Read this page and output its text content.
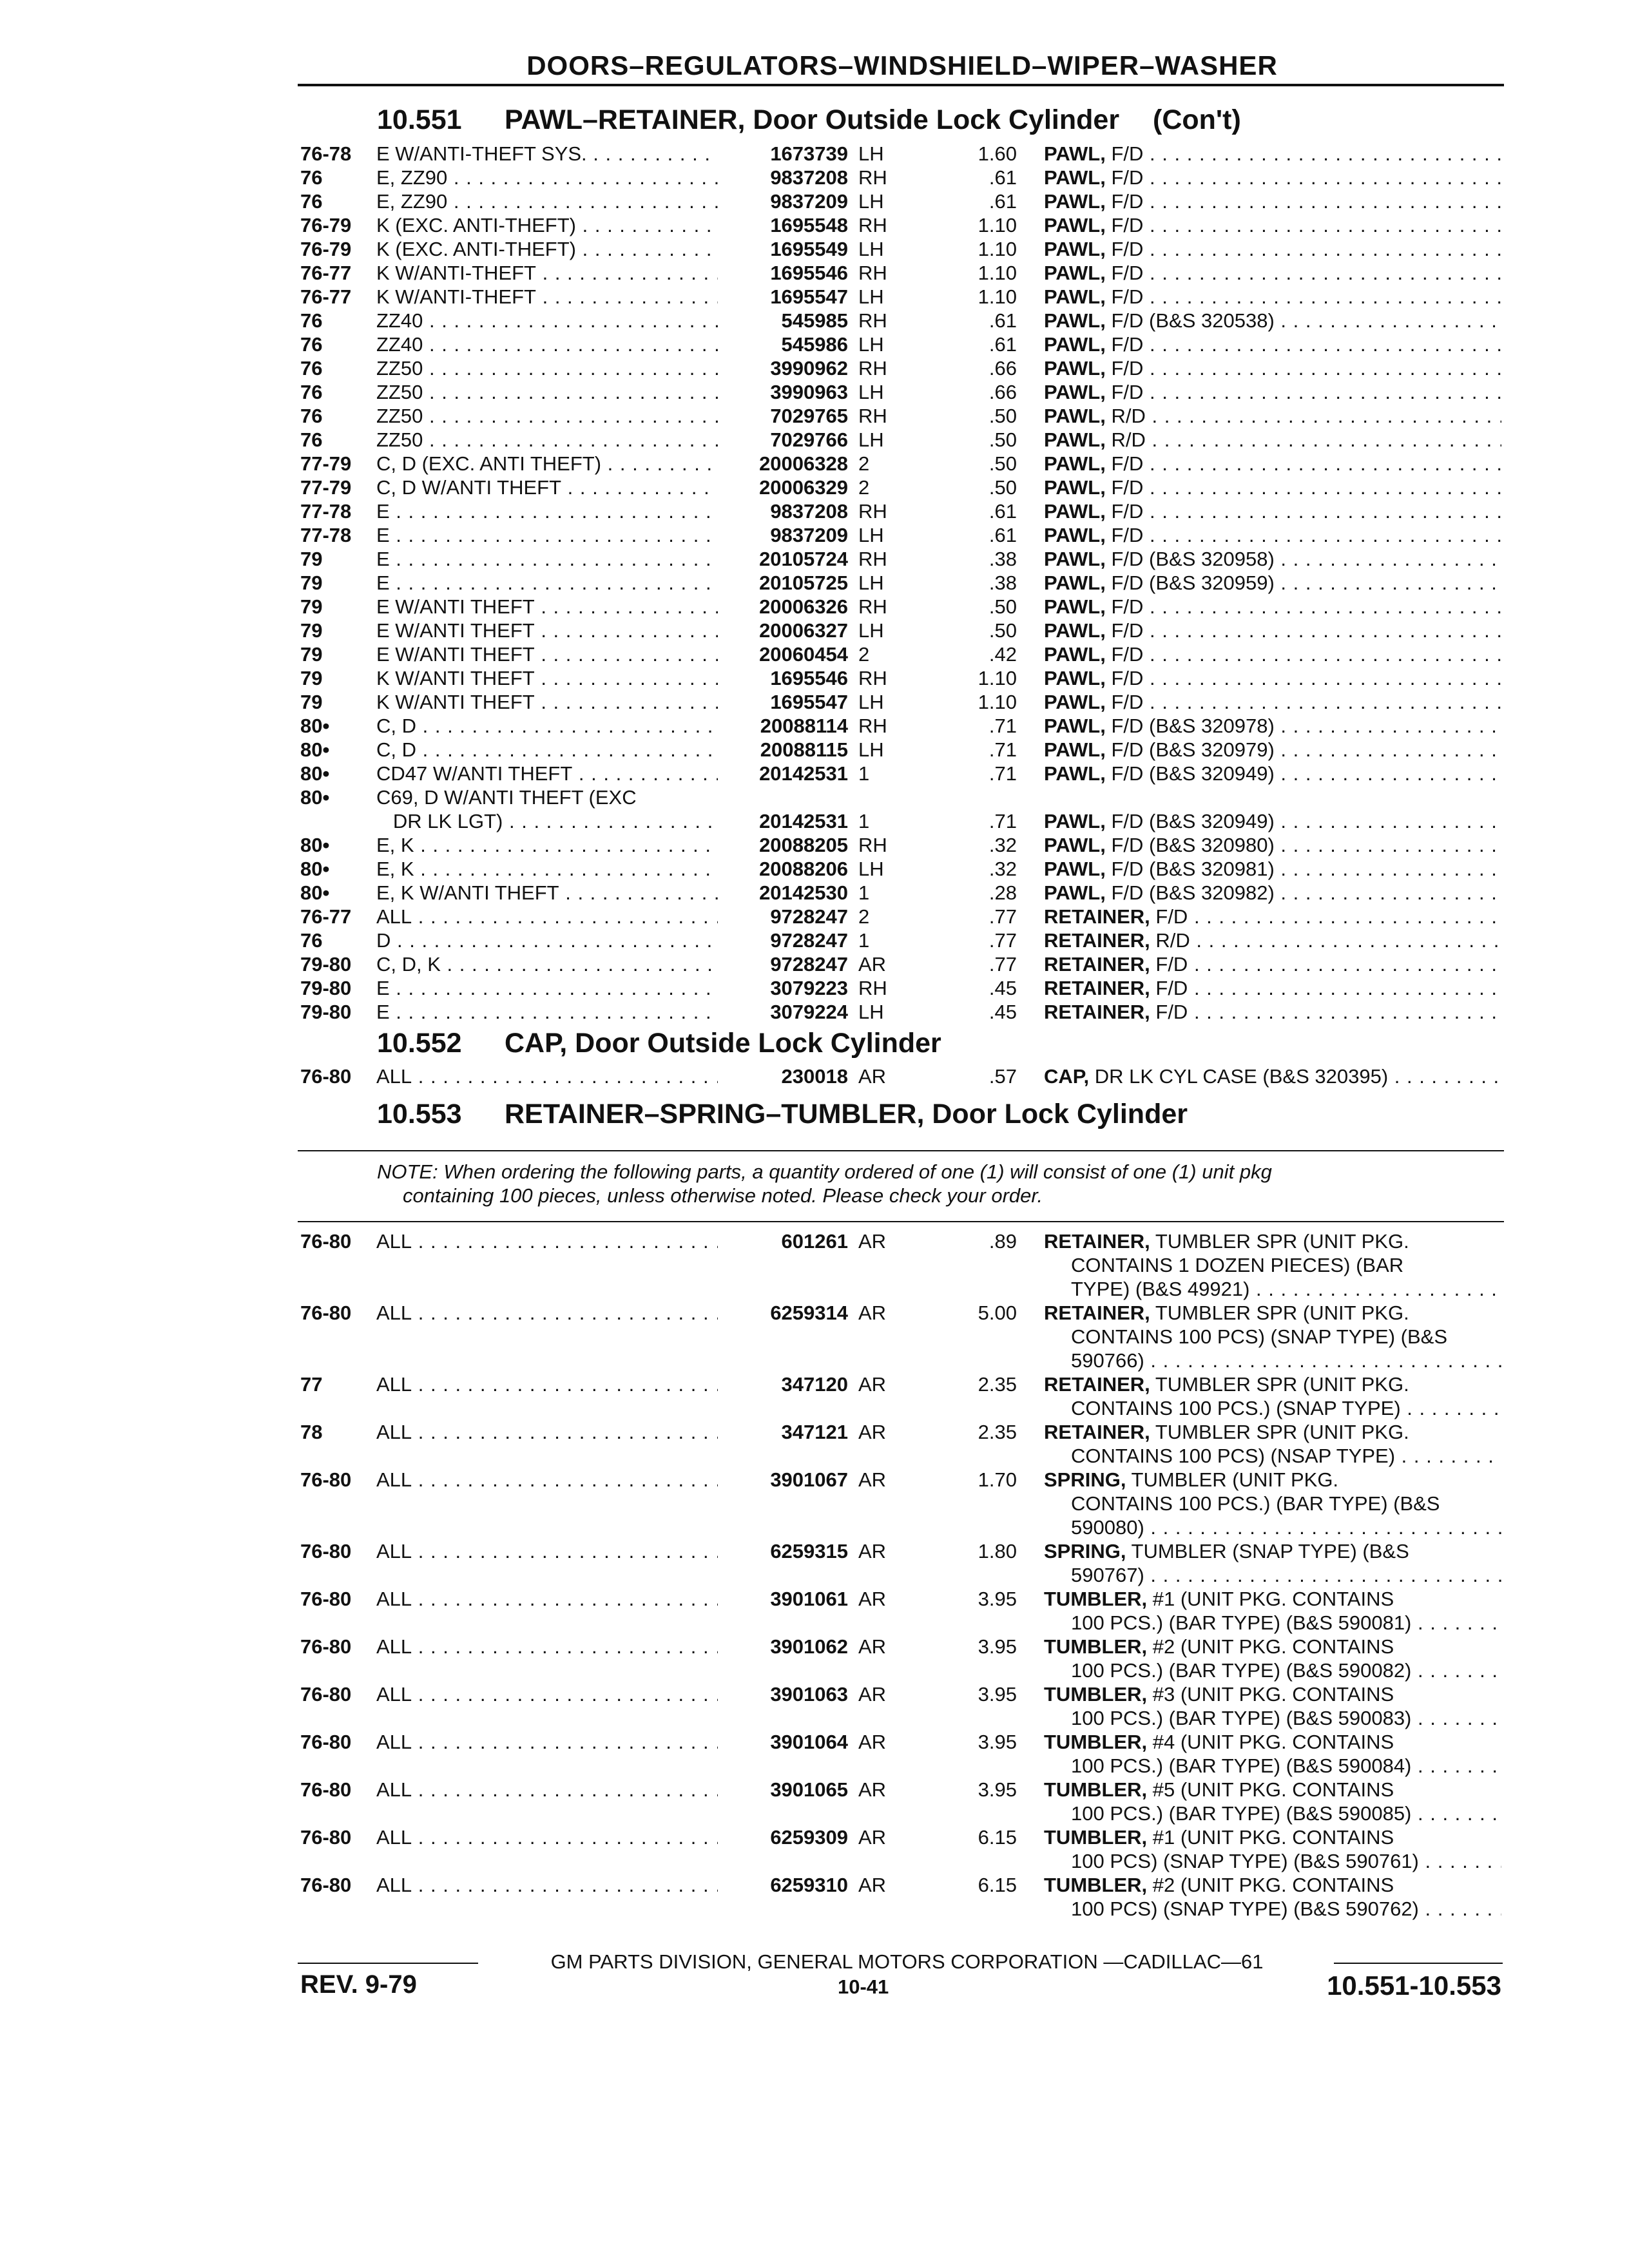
DOORS–REGULATORS–WINDSHIELD–WIPER–WASHER
10.551 PAWL–RETAINER, Door Outside Lock Cylinder (Con't)
76-78 E W/ANTI-THEFT SYS. . . .	1673739 LH	1.60 PAWL, F/D . . .
76	E, ZZ90 . . .	9837208 RH	.61 PAWL, F/D . . .
76	E, ZZ90 . . .	9837209 LH	.61 PAWL, F/D . . .
76-79 K (EXC. ANTI-THEFT) . . .	1695548 RH	1.10 PAWL, F/D . . .
76-79 K (EXC. ANTI-THEFT) . . .	1695549 LH	1.10 PAWL, F/D . . .
76-77 K W/ANTI-THEFT . . .	1695546 RH	1.10 PAWL, F/D . . .
76-77 K W/ANTI-THEFT . . .	1695547 LH	1.10 PAWL, F/D . . .
76	ZZ40 . . .	545985 RH	.61 PAWL, F/D (B&S 320538) . . .
76	ZZ40 . . .	545986 LH	.61 PAWL, F/D . . .
76	ZZ50 . . .	3990962 RH	.66 PAWL, F/D . . .
76	ZZ50 . . .	3990963 LH	.66 PAWL, F/D . . .
76	ZZ50 . . .	7029765 RH	.50 PAWL, R/D . . .
76	ZZ50 . . .	7029766 LH	.50 PAWL, R/D . . .
77-79 C, D (EXC. ANTI THEFT) . . .	20006328 2	.50 PAWL, F/D . . .
77-79 C, D W/ANTI THEFT . . .	20006329 2	.50 PAWL, F/D . . .
77-78 E . . .	9837208 RH	.61 PAWL, F/D . . .
77-78 E . . .	9837209 LH	.61 PAWL, F/D . . .
79	E . . .	20105724 RH	.38 PAWL, F/D (B&S 320958) . . .
79	E . . .	20105725 LH	.38 PAWL, F/D (B&S 320959) . . .
79	E W/ANTI THEFT . . .	20006326 RH	.50 PAWL, F/D . . .
79	E W/ANTI THEFT . . .	20006327 LH	.50 PAWL, F/D . . .
79	E W/ANTI THEFT . . .	20060454 2	.42 PAWL, F/D . . .
79	K W/ANTI THEFT . . .	1695546 RH	1.10 PAWL, F/D . . .
79	K W/ANTI THEFT . . .	1695547 LH	1.10 PAWL, F/D . . .
80• C, D . . .	20088114 RH	.71 PAWL, F/D (B&S 320978) . . .
80• C, D . . .	20088115 LH	.71 PAWL, F/D (B&S 320979) . . .
80• CD47 W/ANTI THEFT . . .	20142531 1	.71 PAWL, F/D (B&S 320949) . . .
80• C69, D W/ANTI THEFT (EXC
DR LK LGT) . . .	20142531 1	.71 PAWL, F/D (B&S 320949) . . .
80• E, K . . .	20088205 RH	.32 PAWL, F/D (B&S 320980) . . .
80• E, K . . .	20088206 LH	.32 PAWL, F/D (B&S 320981) . . .
80• E, K W/ANTI THEFT . . .	20142530 1	.28 PAWL, F/D (B&S 320982) . . .
76-77 ALL . . .	9728247 2	.77 RETAINER, F/D . . .
76	D . . .	9728247 1	.77 RETAINER, R/D . . .
79-80 C, D, K . . .	9728247 AR	.77 RETAINER, F/D . . .
79-80 E . . .	3079223 RH	.45 RETAINER, F/D . . .
79-80 E . . .	3079224 LH	.45 RETAINER, F/D . . .
10.552 CAP, Door Outside Lock Cylinder
76-80 ALL . . .	230018 AR	.57 CAP, DR LK CYL CASE (B&S 320395) . . .
10.553 RETAINER–SPRING–TUMBLER, Door Lock Cylinder
NOTE: When ordering the following parts, a quantity ordered of one (1) will consist of one (1) unit pkg
containing 100 pieces, unless otherwise noted. Please check your order.
76-80 ALL . . .	601261 AR	.89 RETAINER, TUMBLER SPR (UNIT PKG.
CONTAINS 1 DOZEN PIECES) (BAR
TYPE) (B&S 49921) . . .
76-80 ALL . . .	6259314 AR	5.00 RETAINER, TUMBLER SPR (UNIT PKG.
CONTAINS 100 PCS) (SNAP TYPE) (B&S
590766) . . .
77	ALL . . .	347120 AR	2.35 RETAINER, TUMBLER SPR (UNIT PKG.
CONTAINS 100 PCS.) (SNAP TYPE) . . .
78	ALL . . .	347121 AR	2.35 RETAINER, TUMBLER SPR (UNIT PKG.
CONTAINS 100 PCS) (NSAP TYPE) . . .
76-80 ALL . . .	3901067 AR	1.70 SPRING, TUMBLER (UNIT PKG.
CONTAINS 100 PCS.) (BAR TYPE) (B&S
590080) . . .
76-80 ALL . . .	6259315 AR	1.80 SPRING, TUMBLER (SNAP TYPE) (B&S
590767) . . .
76-80 ALL . . .	3901061 AR	3.95 TUMBLER, #1 (UNIT PKG. CONTAINS
100 PCS.) (BAR TYPE) (B&S 590081) . . .
76-80 ALL . . .	3901062 AR	3.95 TUMBLER, #2 (UNIT PKG. CONTAINS
100 PCS.) (BAR TYPE) (B&S 590082) . . .
76-80 ALL . . .	3901063 AR	3.95 TUMBLER, #3 (UNIT PKG. CONTAINS
100 PCS.) (BAR TYPE) (B&S 590083) . . .
76-80 ALL . . .	3901064 AR	3.95 TUMBLER, #4 (UNIT PKG. CONTAINS
100 PCS.) (BAR TYPE) (B&S 590084) . . .
76-80 ALL . . .	3901065 AR	3.95 TUMBLER, #5 (UNIT PKG. CONTAINS
100 PCS.) (BAR TYPE) (B&S 590085) . . .
76-80 ALL . . .	6259309 AR	6.15 TUMBLER, #1 (UNIT PKG. CONTAINS
100 PCS) (SNAP TYPE) (B&S 590761) . . .
76-80 ALL . . .	6259310 AR	6.15 TUMBLER, #2 (UNIT PKG. CONTAINS
100 PCS) (SNAP TYPE) (B&S 590762) . . .
GM PARTS DIVISION, GENERAL MOTORS CORPORATION —CADILLAC—61
REV. 9-79	10-41	10.551-10.553
